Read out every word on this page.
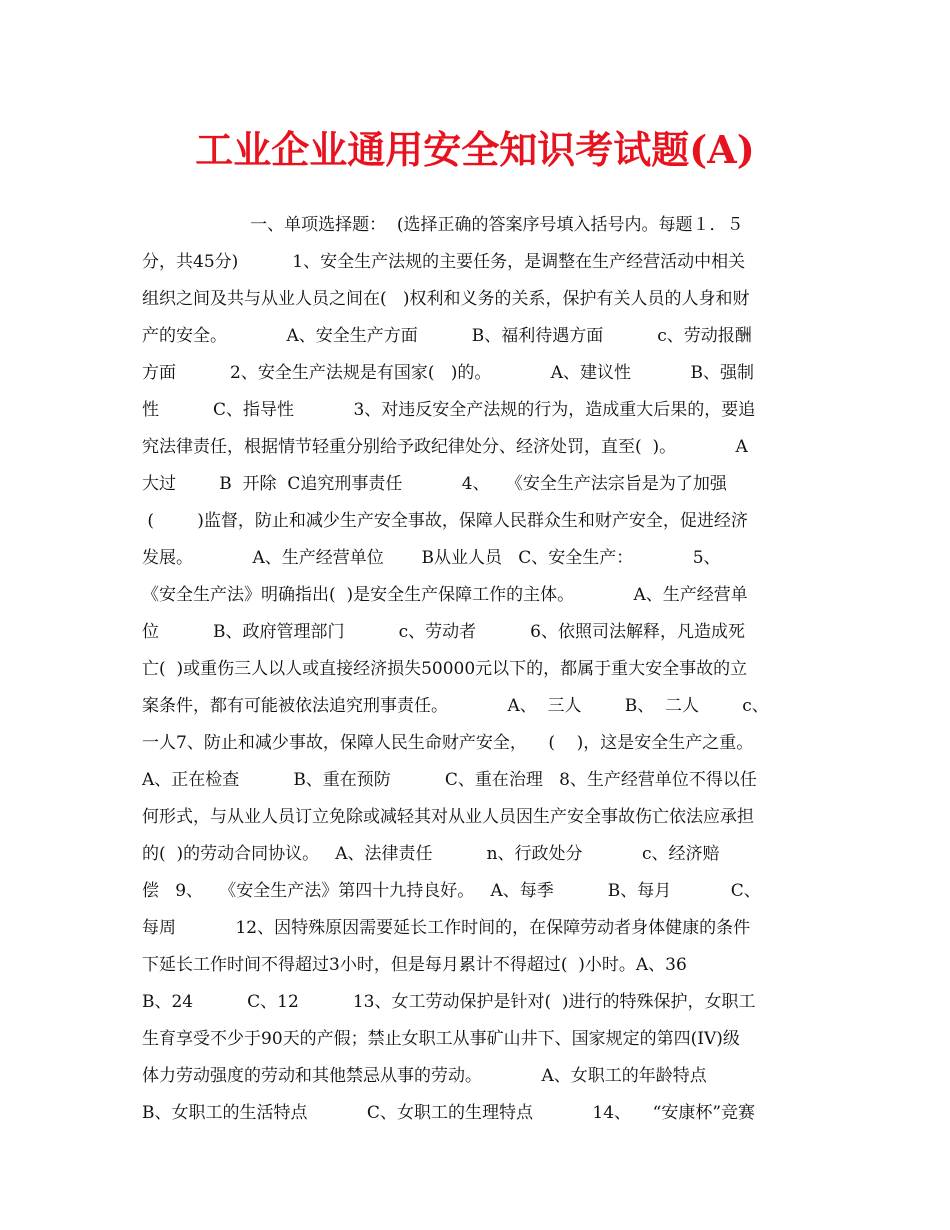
工业企业通用安全知识考试题(A)
一、单项选择题：  (选择正确的答案序号填入括号内。每题１．５
分，共45分)          1、安全生产法规的主要任务，是调整在生产经营活动中相关
组织之间及共与从业人员之间在(   )权利和义务的关系，保护有关人员的人身和财
产的安全。           A、安全生产方面          B、福利待遇方面          c、劳动报酬
方面          2、安全生产法规是有国家(   )的。           A、建议性           B、强制
性          C、指导性           3、对违反安全产法规的行为，造成重大后果的，要追
究法律责任，根据情节轻重分别给予政纪律处分、经济处罚，直至(  )。           A
大过        B  开除  C追究刑事责任           4、   《安全生产法宗旨是为了加强
(        )监督，防止和减少生产安全事故，保障人民群众生和财产安全，促进经济
发展。           A、生产经营单位       B从业人员   C、安全生产：           5、
《安全生产法》明确指出(  )是安全生产保障工作的主体。           A、生产经营单
位          B、政府管理部门          c、劳动者          6、依照司法解释，凡造成死
亡(  )或重伤三人以人或直接经济损失50000元以下的，都属于重大安全事故的立
案条件，都有可能被依法追究刑事责任。           A、  三人        B、  二人        c、
一人7、防止和减少事故，保障人民生命财产安全，    (    )，这是安全生产之重。
A、正在检查          B、重在预防          C、重在治理   8、生产经营单位不得以任
何形式，与从业人员订立免除或减轻其对从业人员因生产安全事故伤亡依法应承担
的(  )的劳动合同协议。   A、法律责任          n、行政处分           c、经济赔
偿   9、   《安全生产法》第四十九持良好。   A、每季          B、每月           C、
每周           12、因特殊原因需要延长工作时间的，在保障劳动者身体健康的条件
下延长工作时间不得超过3小时，但是每月累计不得超过(  )小时。A、36
B、24          C、12          13、女工劳动保护是针对(  )进行的特殊保护，女职工
生育享受不少于90天的产假；禁止女职工从事矿山井下、国家规定的第四(IV)级
体力劳动强度的劳动和其他禁忌从事的劳动。           A、女职工的年龄特点
B、女职工的生活特点           C、女职工的生理特点           14、    “安康杯”竞赛
